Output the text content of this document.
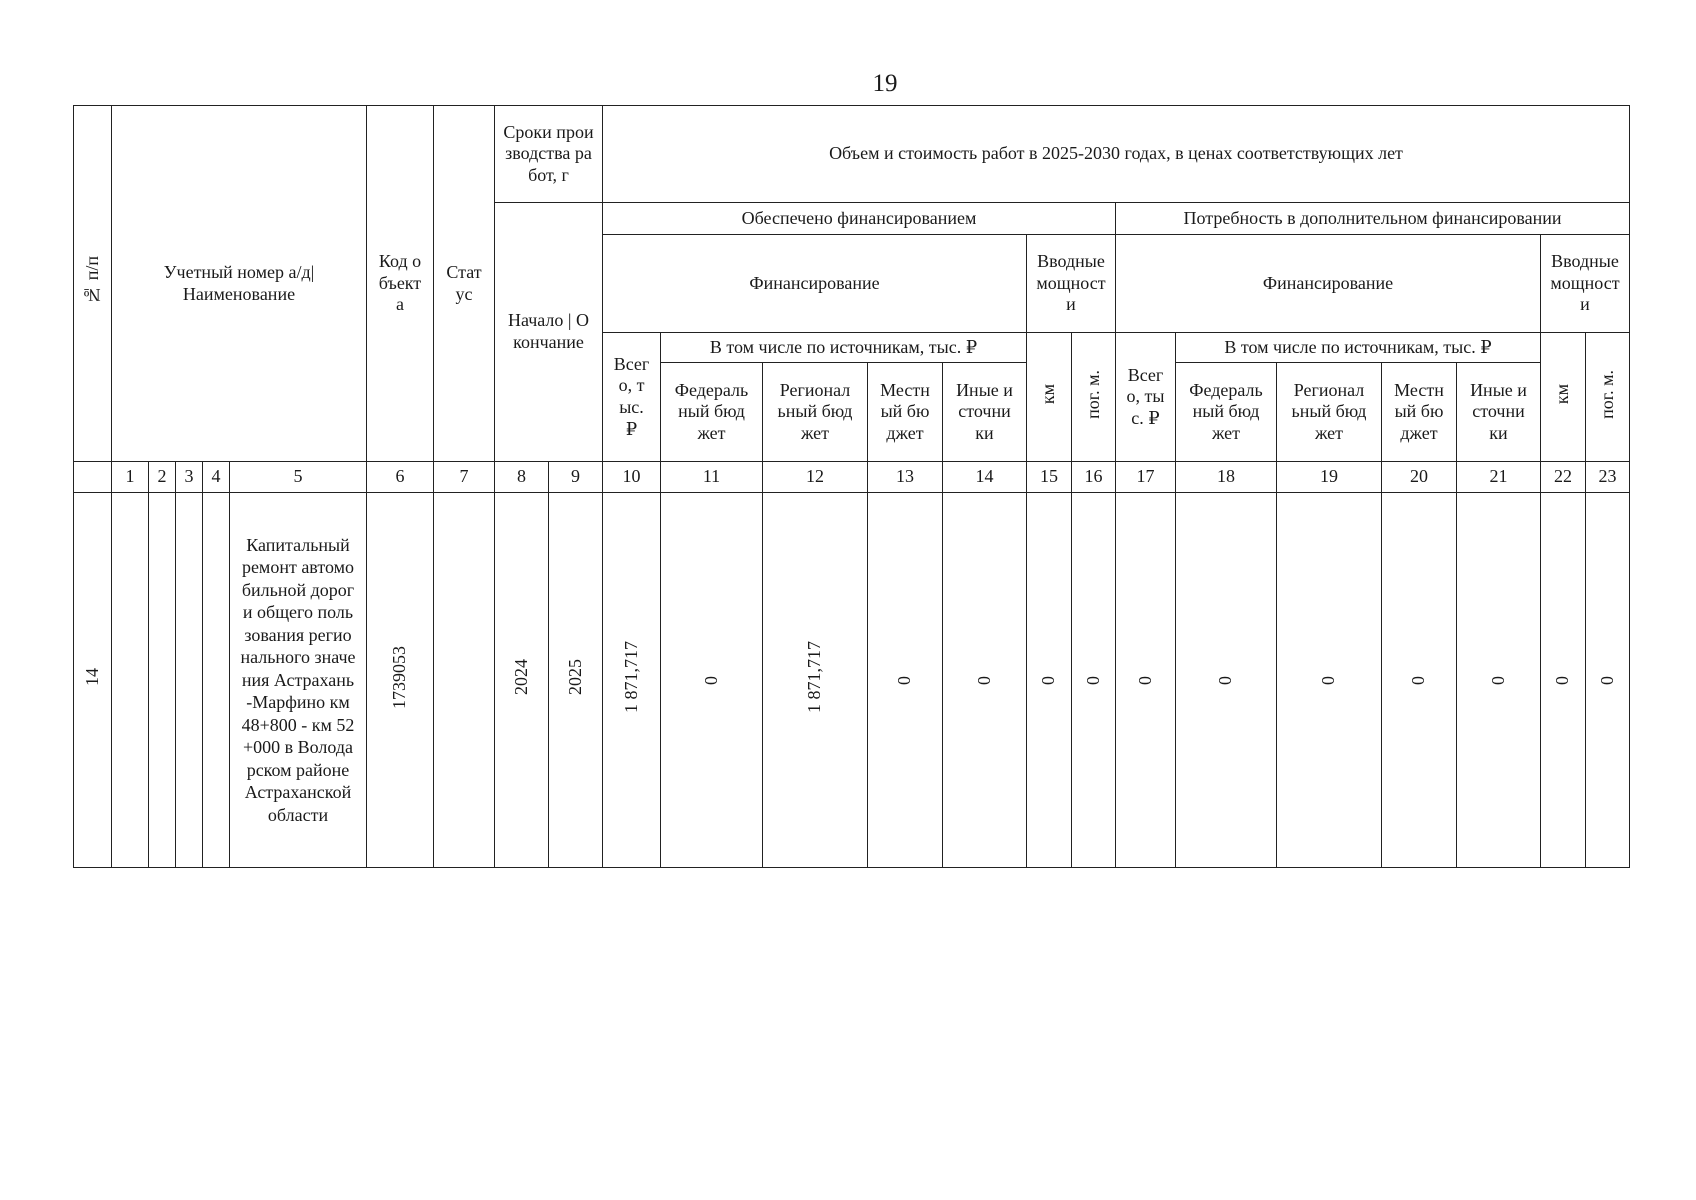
19
№ п/п	Учетный номер а/д| Наименование					Код объекта	Статус	Сроки производства работ, г		Объем и стоимость работ в 2025-2030 годах, в ценах соответствующих лет													
								Начало | Окончание		Обеспечено финансированием							Потребность в дополнительном финансировании						
										Финансирование					Вводные мощности		Финансирование					Вводные мощности	
										Всего, тыс. ₽	В том числе по источникам, тыс. ₽				км	пог. м.	Всего, тыс. ₽	В том числе по источникам, тыс. ₽				км	пог. м.
											Федеральный бюджет	Региональный бюджет	Местный бюджет	Иные источники				Федеральный бюджет	Региональный бюджет	Местный бюджет	Иные источники		
	1	2	3	4	5	6	7	8	9	10	11	12	13	14	15	16	17	18	19	20	21	22	23
14					Капитальный ремонт автомобильной дороги общего пользования регионального значения Астрахань-Марфино км 48+800 - км 52+000 в Володарском районе Астраханской области	1739053		2024	2025	1 871,717	0	1 871,717	0	0	0	0	0	0	0	0	0	0	0
